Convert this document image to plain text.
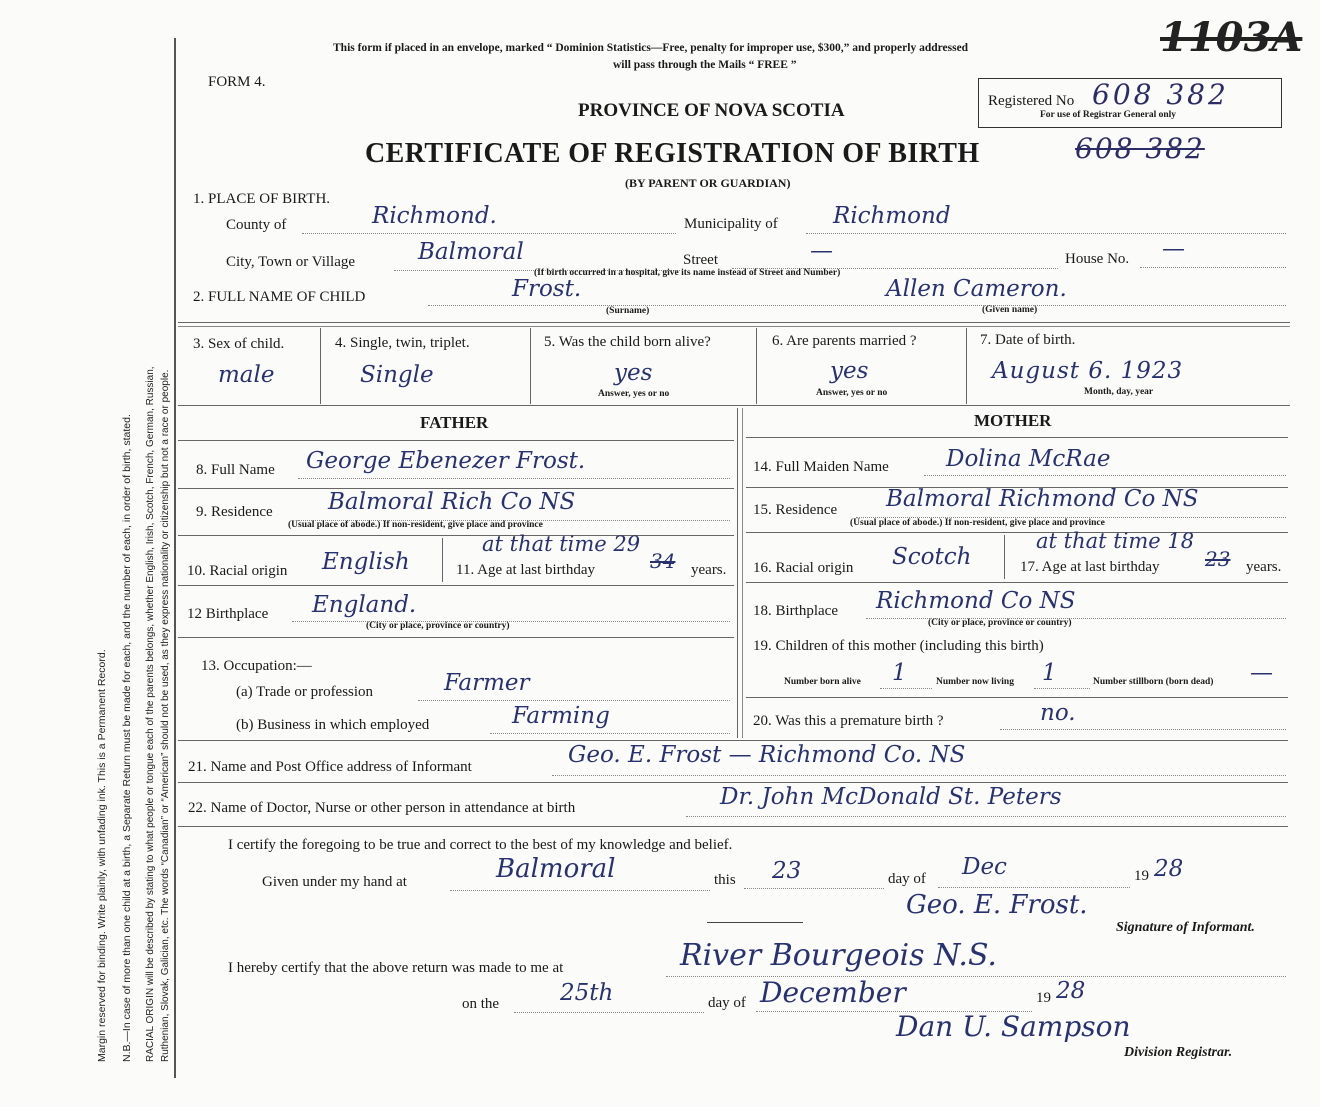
Margin reserved for binding. Write plainly, with unfading ink. This is a Permanent Record. N.B.—In case of more than one child at a birth, a Separate Return must be made for each, and the number of each, in order of birth, stated. RACIAL ORIGIN will be described by stating to what people or tongue each of the parents belongs, whether English, Irish, Scotch, French, German, Russian, Ruthenian, Slovak, Galician, etc. The words “Canadian” or “American” should not be used, as they express nationality or citizenship but not a race or people.
This form if placed in an envelope, marked “ Dominion Statistics—Free, penalty for improper use, $300,” and properly addressed
will pass through the Mails “ FREE ”
FORM 4.
1103A
PROVINCE OF NOVA SCOTIA
CERTIFICATE OF REGISTRATION OF BIRTH
(BY PARENT OR GUARDIAN)
Registered No 608 382
For use of Registrar General only
608 382
1. PLACE OF BIRTH.
County of	Richmond.	Municipality of Richmond
City, Town or Village	Balmoral	Street	—	House No. —
(If birth occurred in a hospital, give its name instead of Street and Number)
2. FULL NAME OF CHILD	Frost.	Allen Cameron.
(Surname)	(Given name)
3. Sex of child.
male
4. Single, twin, triplet.
Single
5. Was the child born alive?
yes
Answer, yes or no
6. Are parents married ?
yes
Answer, yes or no
7. Date of birth.
August 6. 1923
Month, day, year
FATHER	MOTHER
8. Full Name George Ebenezer Frost.
9. Residence Balmoral Rich Co NS
(Usual place of abode.) If non-resident, give place and province
10. Racial origin English	11. Age at last birthday	34
at that time 29
years.
12 Birthplace England.
(City or place, province or country)
13. Occupation:—
(a) Trade or profession	Farmer
(b) Business in which employed	Farming
14. Full Maiden Name Dolina McRae
15. Residence Balmoral Richmond Co NS
(Usual place of abode.) If non-resident, give place and province
16. Racial origin Scotch	17. Age at last birthday 23
at that time 18
years.
18. Birthplace Richmond Co NS
(City or place, province or country)
19. Children of this mother (including this birth)
Number born alive 1	Number now living 1	Number stillborn (born dead) —
20. Was this a premature birth ?	no.
21. Name and Post Office address of Informant	Geo. E. Frost — Richmond Co. NS
22. Name of Doctor, Nurse or other person in attendance at birth	Dr. John McDonald St. Peters
I certify the foregoing to be true and correct to the best of my knowledge and belief.
Given under my hand at	Balmoral	this 23	day of Dec	19 28
Geo. E. Frost.
Signature of Informant.
I hereby certify that the above return was made to me at	River Bourgeois N.S.
on the	25th	day of December	19 28
Dan U. Sampson
Division Registrar.
